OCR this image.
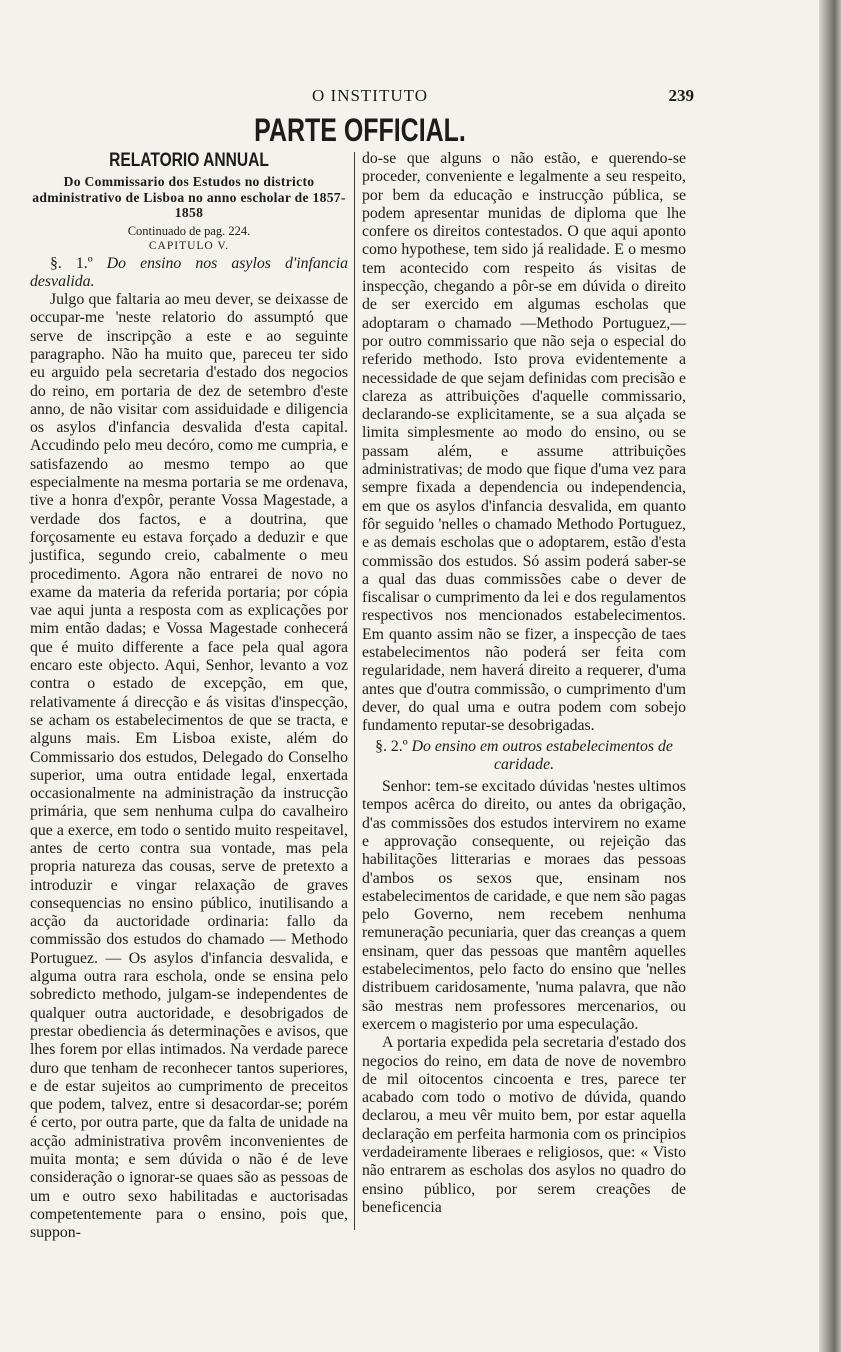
O INSTITUTO	239
PARTE OFFICIAL.
RELATORIO ANNUAL
Do Commissario dos Estudos no districto administrativo de Lisboa no anno escholar de 1857-1858
Continuado de pag. 224.
CAPITULO V.

§. 1.º Do ensino nos asylos d'infancia desvalida.

Julgo que faltaria ao meu dever, se deixasse de occupar-me 'neste relatorio do assumptó que serve de inscripção a este e ao seguinte paragrapho. Não ha muito que, pareceu ter sido eu arguido pela secretaria d'estado dos negocios do reino, em portaria de dez de setembro d'este anno, de não visitar com assiduidade e diligencia os asylos d'infancia desvalida d'esta capital. Accudindo pelo meu decóro, como me cumpria, e satisfazendo ao mesmo tempo ao que especialmente na mesma portaria se me ordenava, tive a honra d'expôr, perante Vossa Magestade, a verdade dos factos, e a doutrina, que forçosamente eu estava forçado a deduzir e que justifica, segundo creio, cabalmente o meu procedimento. Agora não entrarei de novo no exame da materia da referida portaria; por cópia vae aqui junta a resposta com as explicações por mim então dadas; e Vossa Magestade conhecerá que é muito differente a face pela qual agora encaro este objecto. Aqui, Senhor, levanto a voz contra o estado de excepção, em que, relativamente á direcção e ás visitas d'inspecção, se acham os estabelecimentos de que se tracta, e alguns mais. Em Lisboa existe, além do Commissario dos estudos, Delegado do Conselho superior, uma outra entidade legal, enxertada occasionalmente na administração da instrucção primária, que sem nenhuma culpa do cavalheiro que a exerce, em todo o sentido muito respeitavel, antes de certo contra sua vontade, mas pela propria natureza das cousas, serve de pretexto a introduzir e vingar relaxação de graves consequencias no ensino público, inutilisando a acção da auctoridade ordinaria: fallo da commissão dos estudos do chamado — Methodo Portuguez. — Os asylos d'infancia desvalida, e alguma outra rara eschola, onde se ensina pelo sobredicto methodo, julgam-se independentes de qualquer outra auctoridade, e desobrigados de prestar obediencia ás determinações e avisos, que lhes forem por ellas intimados. Na verdade parece duro que tenham de reconhecer tantos superiores, e de estar sujeitos ao cumprimento de preceitos que podem, talvez, entre si desacordar-se; porém é certo, por outra parte, que da falta de unidade na acção administrativa provêm inconvenientes de muita monta; e sem dúvida o não é de leve consideração o ignorar-se quaes são as pessoas de um e outro sexo habilitadas e auctorisadas competentemente para o ensino, pois que, suppon-

do-se que alguns o não estão, e querendo-se proceder, conveniente e legalmente a seu respeito, por bem da educação e instrucção pública, se podem apresentar munidas de diploma que lhe confere os direitos contestados. O que aqui aponto como hypothese, tem sido já realidade. E o mesmo tem acontecido com respeito ás visitas de inspecção, chegando a pôr-se em dúvida o direito de ser exercido em algumas escholas que adoptaram o chamado —Methodo Portuguez,— por outro commissario que não seja o especial do referido methodo. Isto prova evidentemente a necessidade de que sejam definidas com precisão e clareza as attribuições d'aquelle commissario, declarando-se explicitamente, se a sua alçada se limita simplesmente ao modo do ensino, ou se passam além, e assume attribuições administrativas; de modo que fique d'uma vez para sempre fixada a dependencia ou independencia, em que os asylos d'infancia desvalida, em quanto fôr seguido 'nelles o chamado Methodo Portuguez, e as demais escholas que o adoptarem, estão d'esta commissão dos estudos. Só assim poderá saber-se a qual das duas commissões cabe o dever de fiscalisar o cumprimento da lei e dos regulamentos respectivos nos mencionados estabelecimentos. Em quanto assim não se fizer, a inspecção de taes estabelecimentos não poderá ser feita com regularidade, nem haverá direito a requerer, d'uma antes que d'outra commissão, o cumprimento d'um dever, do qual uma e outra podem com sobejo fundamento reputar-se desobrigadas.

§. 2.º Do ensino em outros estabelecimentos de caridade.

Senhor: tem-se excitado dúvidas 'nestes ultimos tempos acêrca do direito, ou antes da obrigação, d'as commissões dos estudos intervirem no exame e approvação consequente, ou rejeição das habilitações litterarias e moraes das pessoas d'ambos os sexos que, ensinam nos estabelecimentos de caridade, e que nem são pagas pelo Governo, nem recebem nenhuma remuneração pecuniaria, quer das creanças a quem ensinam, quer das pessoas que mantêm aquelles estabelecimentos, pelo facto do ensino que 'nelles distribuem caridosamente, 'numa palavra, que não são mestras nem professores mercenarios, ou exercem o magisterio por uma especulação.

A portaria expedida pela secretaria d'estado dos negocios do reino, em data de nove de novembro de mil oitocentos cincoenta e tres, parece ter acabado com todo o motivo de dúvida, quando declarou, a meu vêr muito bem, por estar aquella declaração em perfeita harmonia com os principios verdadeiramente liberaes e religiosos, que: « Visto não entrarem as escholas dos asylos no quadro do ensino público, por serem creações de beneficencia
